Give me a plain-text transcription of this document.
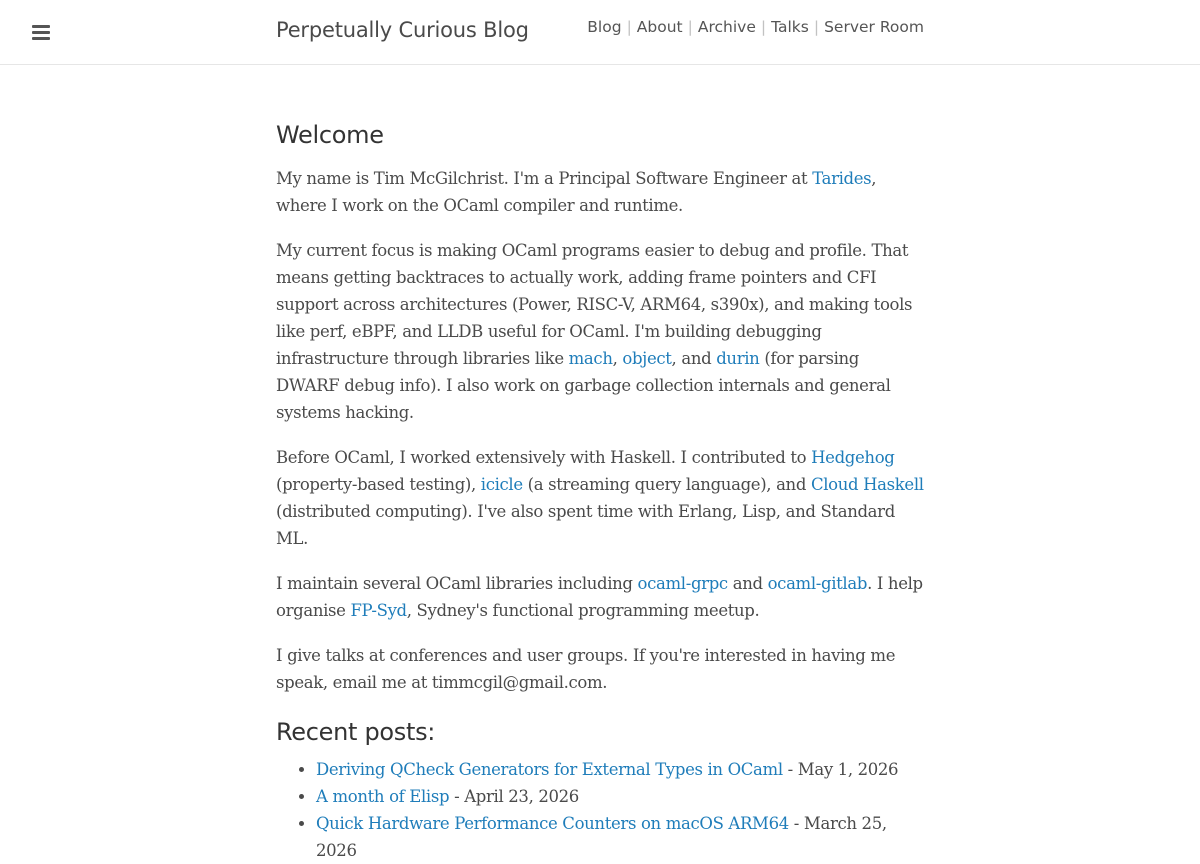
Perpetually Curious Blog	Blog | About | Archive | Talks | Server Room
Welcome

My name is Tim McGilchrist. I'm a Principal Software Engineer at Tarides, where I work on the OCaml compiler and runtime.

My current focus is making OCaml programs easier to debug and profile. That means getting backtraces to actually work, adding frame pointers and CFI support across architectures (Power, RISC-V, ARM64, s390x), and making tools like perf, eBPF, and LLDB useful for OCaml. I'm building debugging infrastructure through libraries like mach, object, and durin (for parsing DWARF debug info). I also work on garbage collection internals and general systems hacking.

Before OCaml, I worked extensively with Haskell. I contributed to Hedgehog (property-based testing), icicle (a streaming query language), and Cloud Haskell (distributed computing). I've also spent time with Erlang, Lisp, and Standard ML.

I maintain several OCaml libraries including ocaml-grpc and ocaml-gitlab. I help organise FP-Syd, Sydney's functional programming meetup.

I give talks at conferences and user groups. If you're interested in having me speak, email me at timmcgil@gmail.com.

Recent posts:
• Deriving QCheck Generators for External Types in OCaml - May 1, 2026
• A month of Elisp - April 23, 2026
• Quick Hardware Performance Counters on macOS ARM64 - March 25, 2026
